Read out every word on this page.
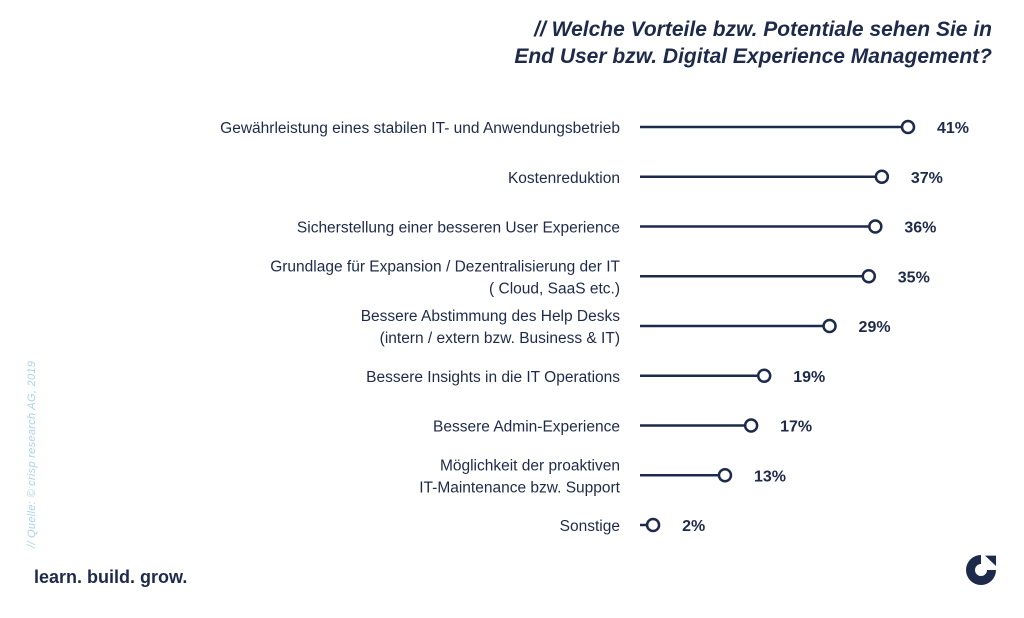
// Welche Vorteile bzw. Potentiale sehen Sie in
End User bzw. Digital Experience Management?
41%
Gewährleistung eines stabilen IT- und Anwendungsbetrieb
37%
Kostenreduktion
36%
Sicherstellung einer besseren User Experience
35%
Grundlage für Expansion / Dezentralisierung der IT
( Cloud, SaaS etc.)
29%
Bessere Abstimmung des Help Desks
(intern / extern bzw. Business & IT)
19%
Bessere Insights in die IT Operations
17%
Bessere Admin-Experience
13%
Möglichkeit der proaktiven
IT-Maintenance bzw. Support
2%
Sonstige
// Quelle: © crisp research AG, 2019
learn. build. grow.
